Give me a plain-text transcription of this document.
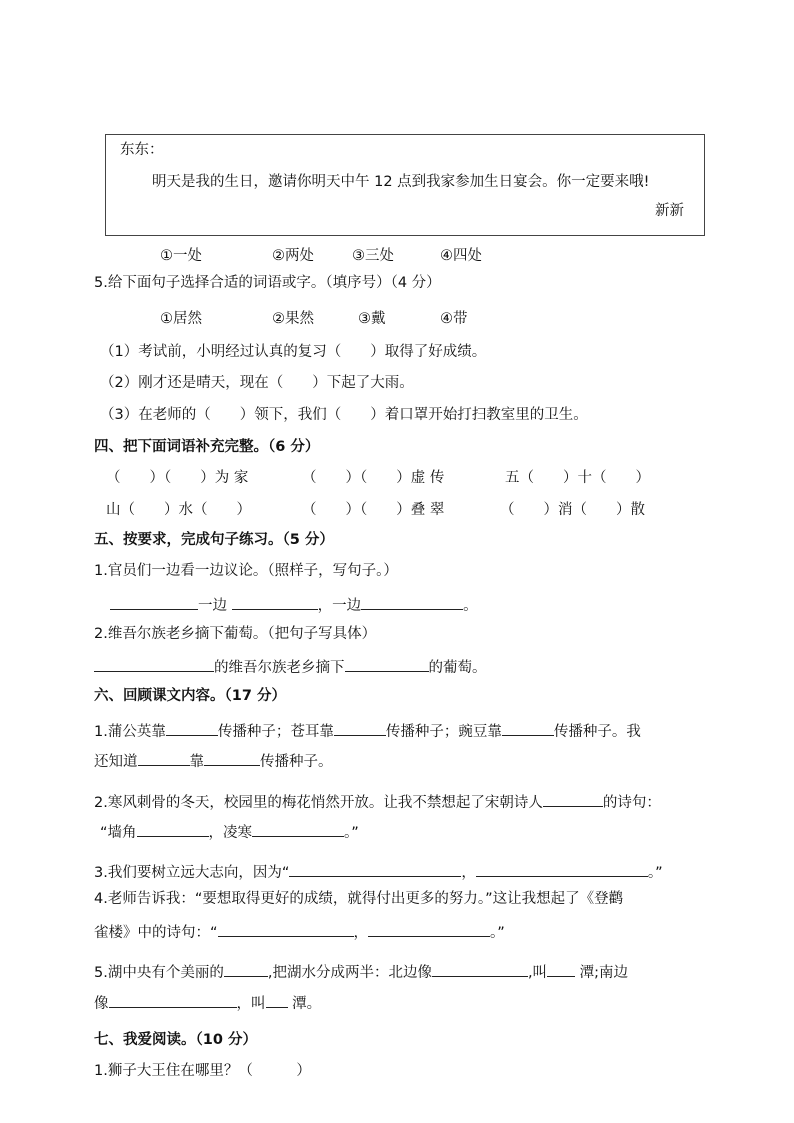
东东：
明天是我的生日，邀请你明天中午 12 点到我家参加生日宴会。你一定要来哦!
新新
①一处	②两处	③三处	④四处
5.给下面句子选择合适的词语或字。（填序号）（4 分）
①居然	②果然	③戴	④带
（1）考试前，小明经过认真的复习（　　）取得了好成绩。
（2）刚才还是晴天，现在（　　）下起了大雨。
（3）在老师的（　　）领下，我们（　　）着口罩开始打扫教室里的卫生。
四、把下面词语补充完整。（6 分）
（　　）（　　）为 家	（　　）（　　）虚 传	五（　　）十（　　）
山（　　）水（　　）	（　　）（　　）叠 翠	（　　）消（　　）散
五、按要求，完成句子练习。（5 分）
1.官员们一边看一边议论。（照样子，写句子。）
一边	，一边	。
2.维吾尔族老乡摘下葡萄。（把句子写具体）
的维吾尔族老乡摘下	的葡萄。
六、回顾课文内容。（17 分）
1.蒲公英靠	传播种子；苍耳靠	传播种子；豌豆靠	传播种子。我
还知道	靠	传播种子。
2.寒风刺骨的冬天，校园里的梅花悄然开放。让我不禁想起了宋朝诗人	的诗句：
“墙角	，凌寒	。”
3.我们要树立远大志向，因为“	，	。”
4.老师告诉我：“要想取得更好的成绩，就得付出更多的努力。”这让我想起了《登鹳
雀楼》中的诗句：“	，	。”
5.湖中央有个美丽的	,把湖水分成两半：北边像	,叫 潭;南边
像	，叫 潭。
七、我爱阅读。（10 分）
1.狮子大王住在哪里？（　　　）
